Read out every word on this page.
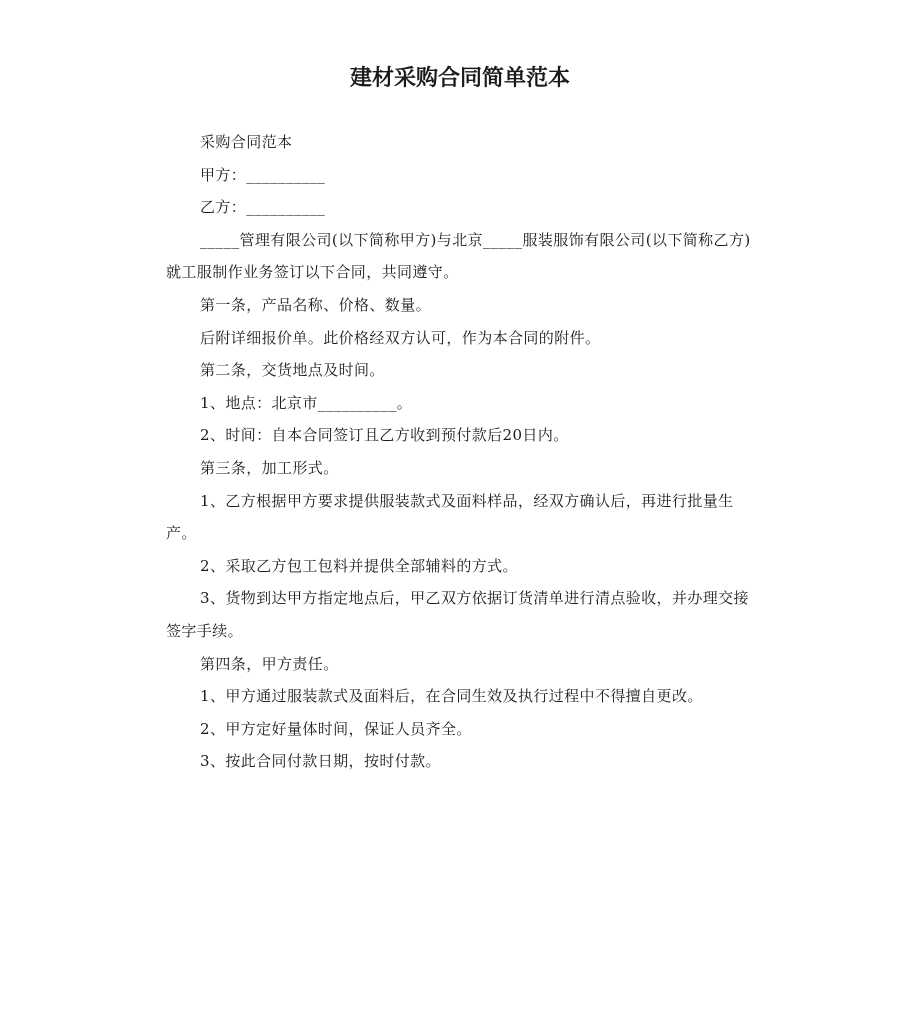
建材采购合同简单范本

采购合同范本

甲方：__________

乙方：__________

_____管理有限公司(以下简称甲方)与北京_____服装服饰有限公司(以下简称乙方)就工服制作业务签订以下合同，共同遵守。

第一条，产品名称、价格、数量。

后附详细报价单。此价格经双方认可，作为本合同的附件。

第二条，交货地点及时间。

1、地点：北京市__________。

2、时间：自本合同签订且乙方收到预付款后20日内。

第三条，加工形式。

1、乙方根据甲方要求提供服装款式及面料样品，经双方确认后，再进行批量生产。

2、采取乙方包工包料并提供全部辅料的方式。

3、货物到达甲方指定地点后，甲乙双方依据订货清单进行清点验收，并办理交接签字手续。

第四条，甲方责任。

1、甲方通过服装款式及面料后，在合同生效及执行过程中不得擅自更改。

2、甲方定好量体时间，保证人员齐全。

3、按此合同付款日期，按时付款。
